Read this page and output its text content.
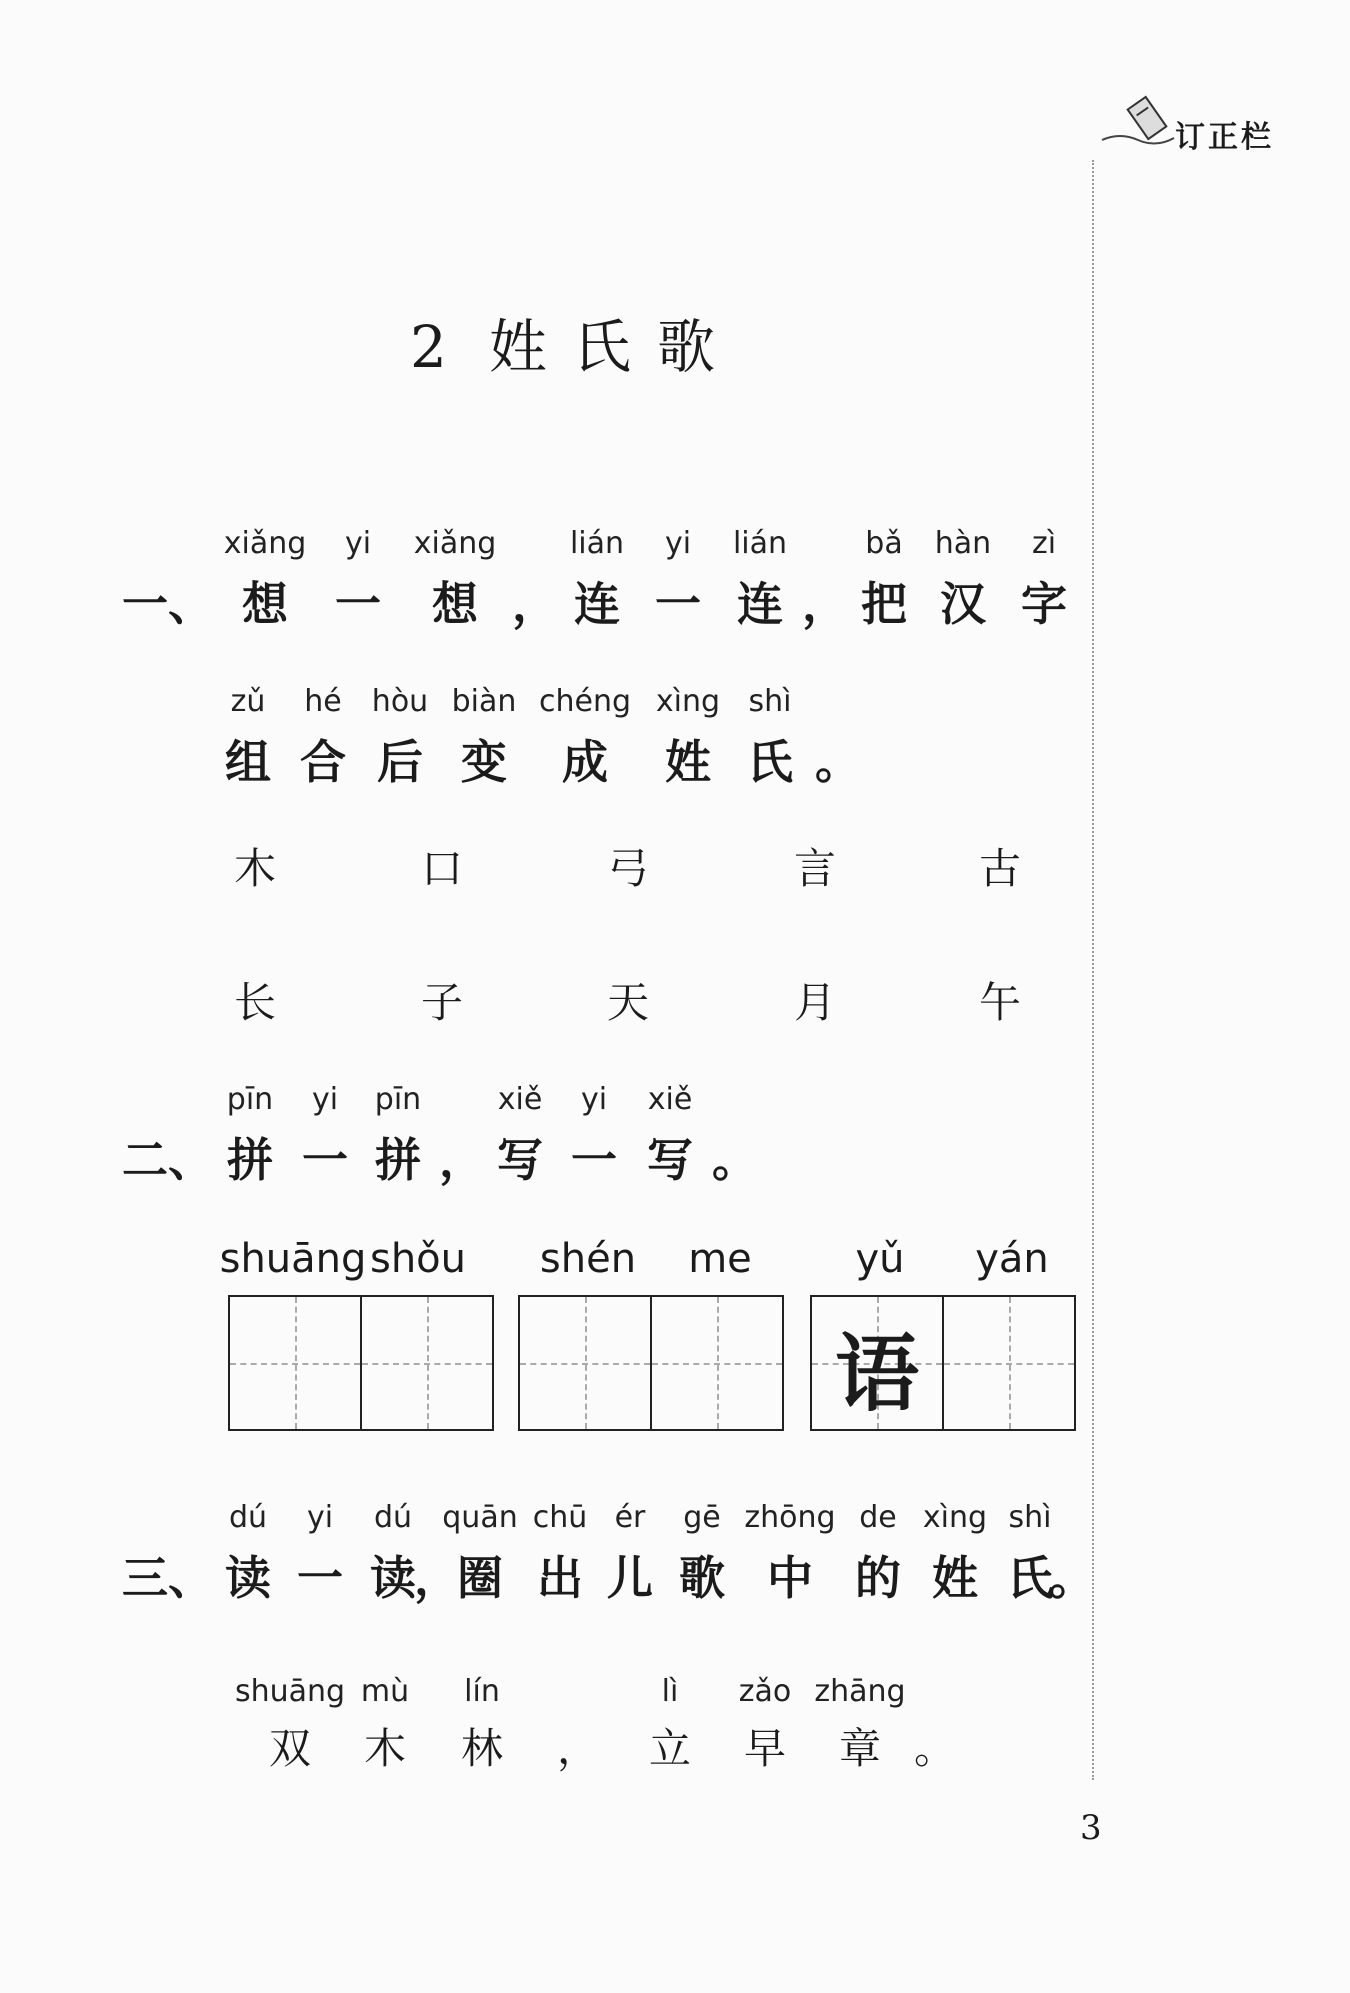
订正栏
2 姓 氏 歌
xiǎng yi xiǎng lián yi lián	bǎ hàn zì
一、 想 一 想 ， 连 一 连 ， 把 汉 字
zǔ hé hòu biàn chéng xìng shì
组 合 后 变 成 姓 氏 。
木	口	弓	言	古
长	子	天	月	午
pīn yi pīn	xiě yi xiě
二、 拼 一 拼 ， 写 一 写 。
shuāng shǒu shén me	yǔ yán
语
dú yi dú quān chū ér gē zhōng de xìng shì
三、 读 一 读
，
圈 出 儿 歌 中 的 姓 氏
。
shuāng mù lín	lì zǎo zhāng
双 木 林 ， 立 早 章 。
3
